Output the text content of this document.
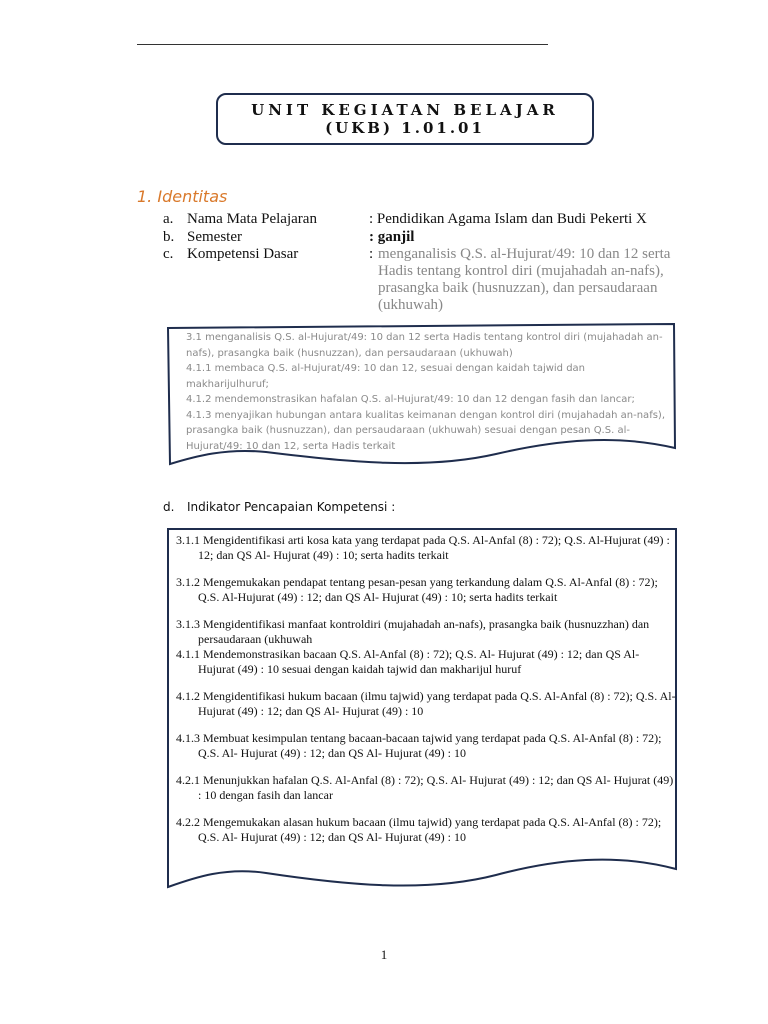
UNIT KEGIATAN BELAJAR
(UKB) 1.01.01
1. Identitas
a. Nama Mata Pelajaran	: Pendidikan Agama Islam dan Budi Pekerti X
b. Semester	: ganjil
c. Kompetensi Dasar	: menganalisis Q.S. al-Hujurat/49: 10 dan 12 serta Hadis tentang kontrol diri (mujahadah an-nafs), prasangka baik (husnuzzan), dan persaudaraan (ukhuwah)
3.1 menganalisis Q.S. al-Hujurat/49: 10 dan 12 serta Hadis tentang kontrol diri (mujahadah an-nafs), prasangka baik (husnuzzan), dan persaudaraan (ukhuwah)
4.1.1 membaca Q.S. al-Hujurat/49: 10 dan 12, sesuai dengan kaidah tajwid dan makharijulhuruf;
4.1.2 mendemonstrasikan hafalan Q.S. al-Hujurat/49: 10 dan 12 dengan fasih dan lancar;
4.1.3 menyajikan hubungan antara kualitas keimanan dengan kontrol diri (mujahadah an-nafs), prasangka baik (husnuzzan), dan persaudaraan (ukhuwah) sesuai dengan pesan Q.S. al-Hujurat/49: 10 dan 12, serta Hadis terkait
d. Indikator Pencapaian Kompetensi :
3.1.1 Mengidentifikasi arti kosa kata yang terdapat pada Q.S. Al-Anfal (8) : 72); Q.S. Al-Hujurat (49) : 12; dan QS Al- Hujurat (49) : 10; serta hadits terkait
3.1.2 Mengemukakan pendapat tentang pesan-pesan yang terkandung dalam Q.S. Al-Anfal (8) : 72); Q.S. Al-Hujurat (49) : 12; dan QS Al- Hujurat (49) : 10; serta hadits terkait
3.1.3 Mengidentifikasi manfaat kontroldiri (mujahadah an-nafs), prasangka baik (husnuzzhan) dan persaudaraan (ukhuwah
4.1.1 Mendemonstrasikan bacaan Q.S. Al-Anfal (8) : 72); Q.S. Al- Hujurat (49) : 12; dan QS Al- Hujurat (49) : 10 sesuai dengan kaidah tajwid dan makharijul huruf
4.1.2 Mengidentifikasi hukum bacaan (ilmu tajwid) yang terdapat pada Q.S. Al-Anfal (8) : 72); Q.S. Al- Hujurat (49) : 12; dan QS Al- Hujurat (49) : 10
4.1.3 Membuat kesimpulan tentang bacaan-bacaan tajwid yang terdapat pada Q.S. Al-Anfal (8) : 72); Q.S. Al- Hujurat (49) : 12; dan QS Al- Hujurat (49) : 10
4.2.1 Menunjukkan hafalan Q.S. Al-Anfal (8) : 72); Q.S. Al- Hujurat (49) : 12; dan QS Al- Hujurat (49) : 10 dengan fasih dan lancar
4.2.2 Mengemukakan alasan hukum bacaan (ilmu tajwid) yang terdapat pada Q.S. Al-Anfal (8) : 72); Q.S. Al- Hujurat (49) : 12; dan QS Al- Hujurat (49) : 10
1
